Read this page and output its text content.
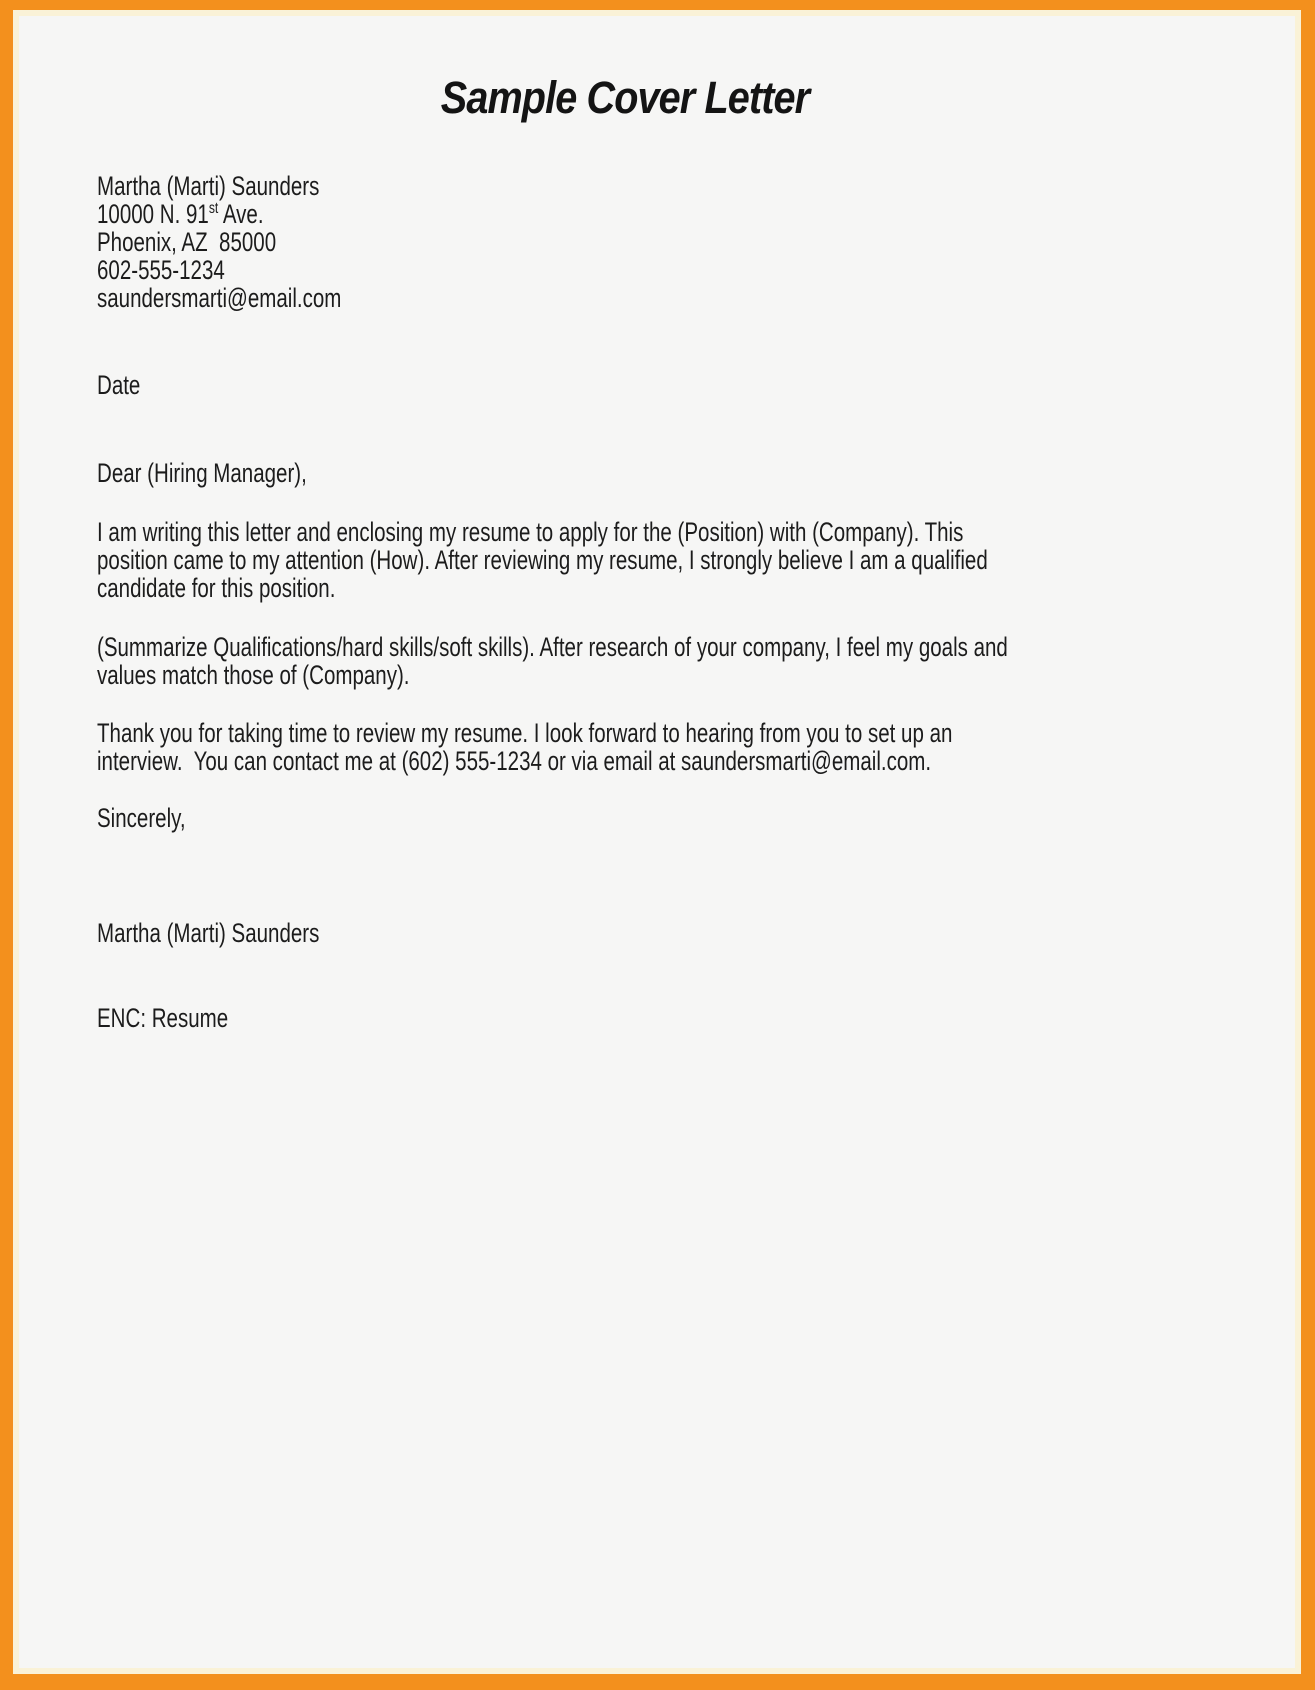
Sample Cover Letter
Martha (Marti) Saunders
10000 N. 91st Ave.
Phoenix, AZ  85000
602-555-1234
saundersmarti@email.com
Date
Dear (Hiring Manager),
I am writing this letter and enclosing my resume to apply for the (Position) with (Company). This
position came to my attention (How). After reviewing my resume, I strongly believe I am a qualified
candidate for this position.
(Summarize Qualifications/hard skills/soft skills). After research of your company, I feel my goals and
values match those of (Company).
Thank you for taking time to review my resume. I look forward to hearing from you to set up an
interview.  You can contact me at (602) 555-1234 or via email at saundersmarti@email.com.
Sincerely,
Martha (Marti) Saunders
ENC: Resume
